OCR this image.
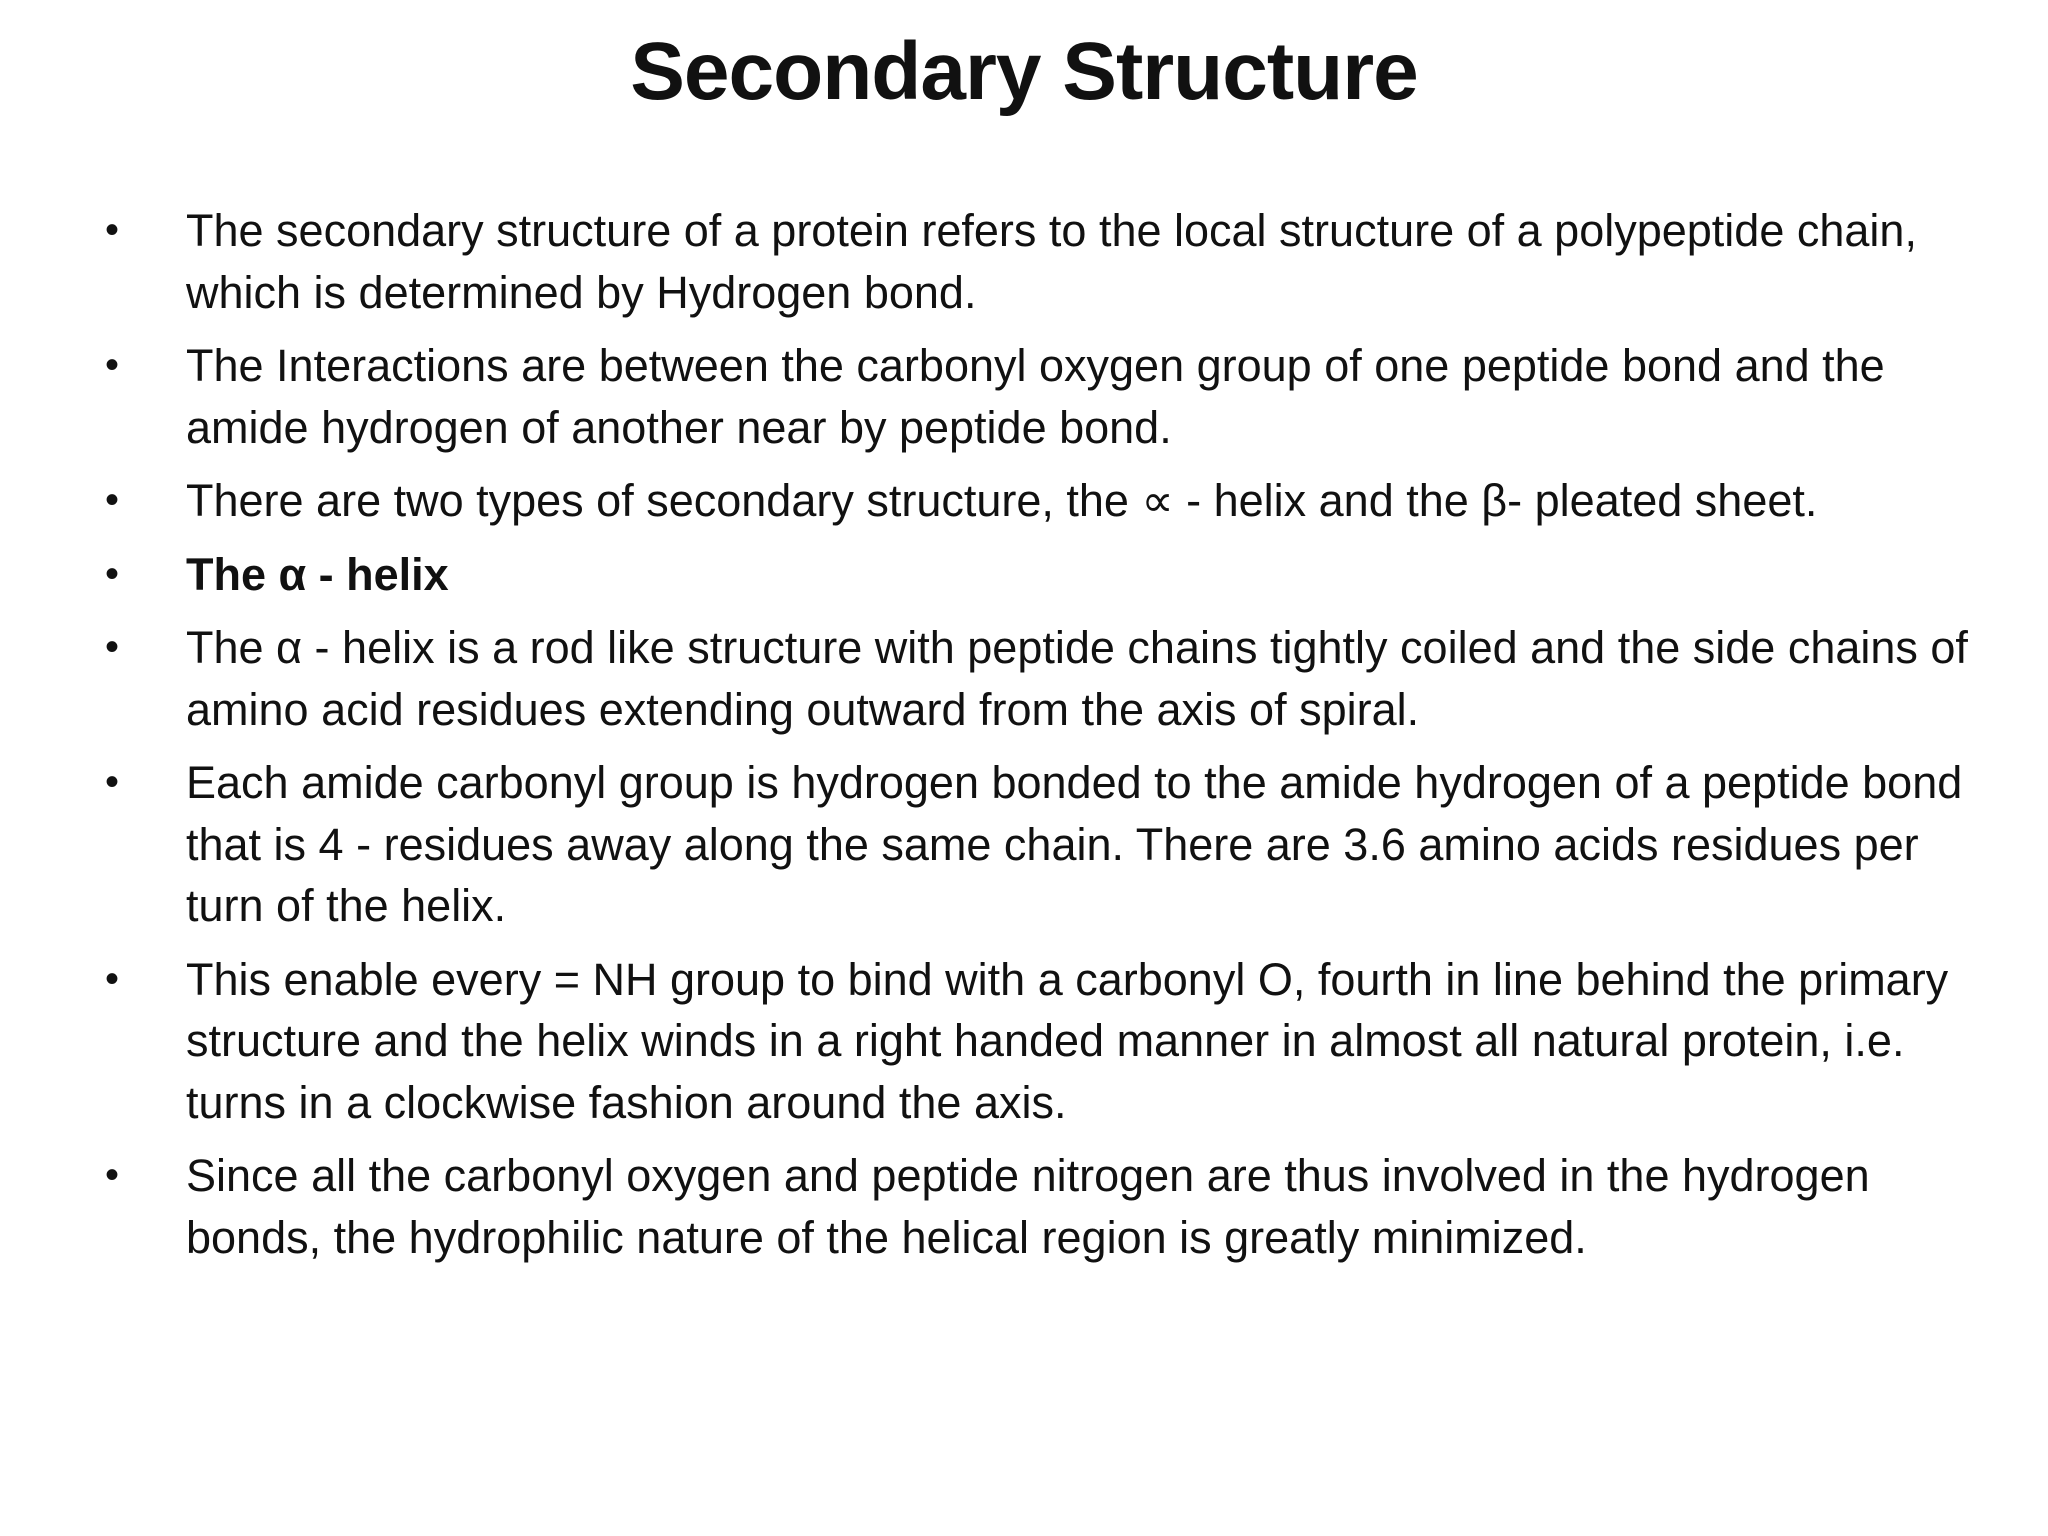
Secondary Structure
• The secondary structure of a protein refers to the local structure of a polypeptide chain, which is determined by Hydrogen bond.
• The Interactions are between the carbonyl oxygen group of one peptide bond and the amide hydrogen of another near by peptide bond.
• There are two types of secondary structure, the ∝ - helix and the β- pleated sheet.
• The α - helix
• The α - helix is a rod like structure with peptide chains tightly coiled and the side chains of amino acid residues extending outward from the axis of spiral.
• Each amide carbonyl group is hydrogen bonded to the amide hydrogen of a peptide bond that is 4 - residues away along the same chain. There are 3.6 amino acids residues per turn of the helix.
• This enable every = NH group to bind with a carbonyl O, fourth in line behind the primary structure and the helix winds in a right handed manner in almost all natural protein, i.e. turns in a clockwise fashion around the axis.
• Since all the carbonyl oxygen and peptide nitrogen are thus involved in the hydrogen bonds, the hydrophilic nature of the helical region is greatly minimized.
